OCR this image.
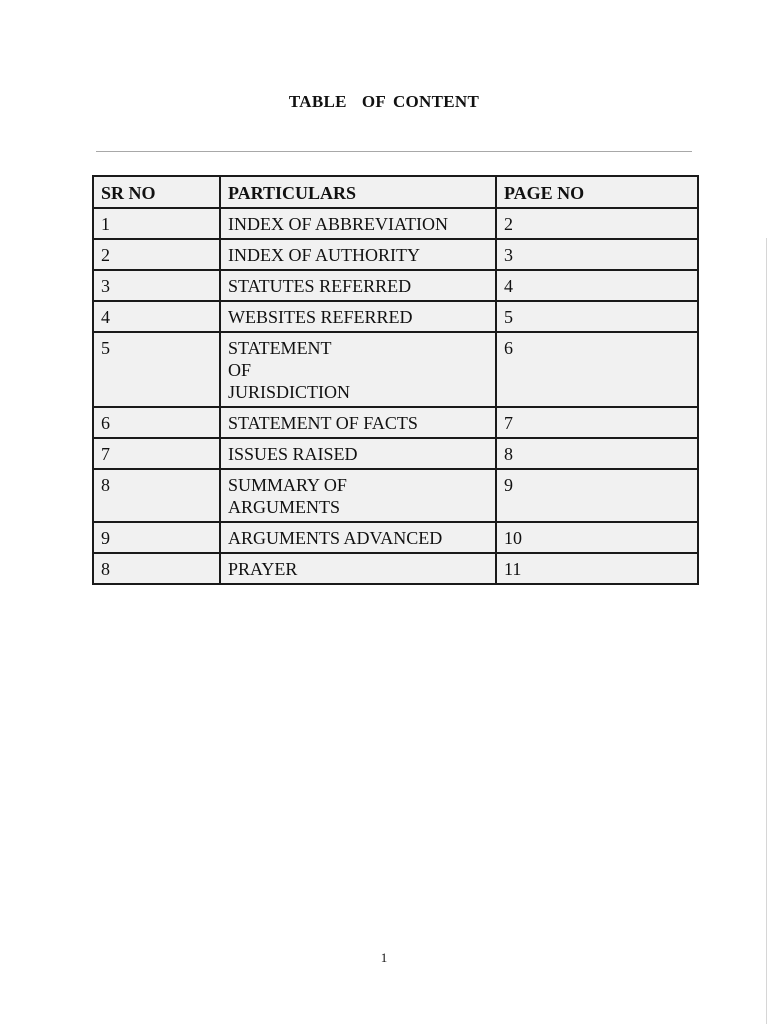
TABLE  OF CONTENT
SR NO	PARTICULARS	PAGE NO
1	INDEX OF ABBREVIATION	2
2	INDEX OF AUTHORITY	3
3	STATUTES REFERRED	4
4	WEBSITES REFERRED	5
5	STATEMENT
OF
JURISDICTION	6
6	STATEMENT OF FACTS	7
7	ISSUES RAISED	8
8	SUMMARY OF
ARGUMENTS	9
9	ARGUMENTS ADVANCED	10
8	PRAYER	11
1
